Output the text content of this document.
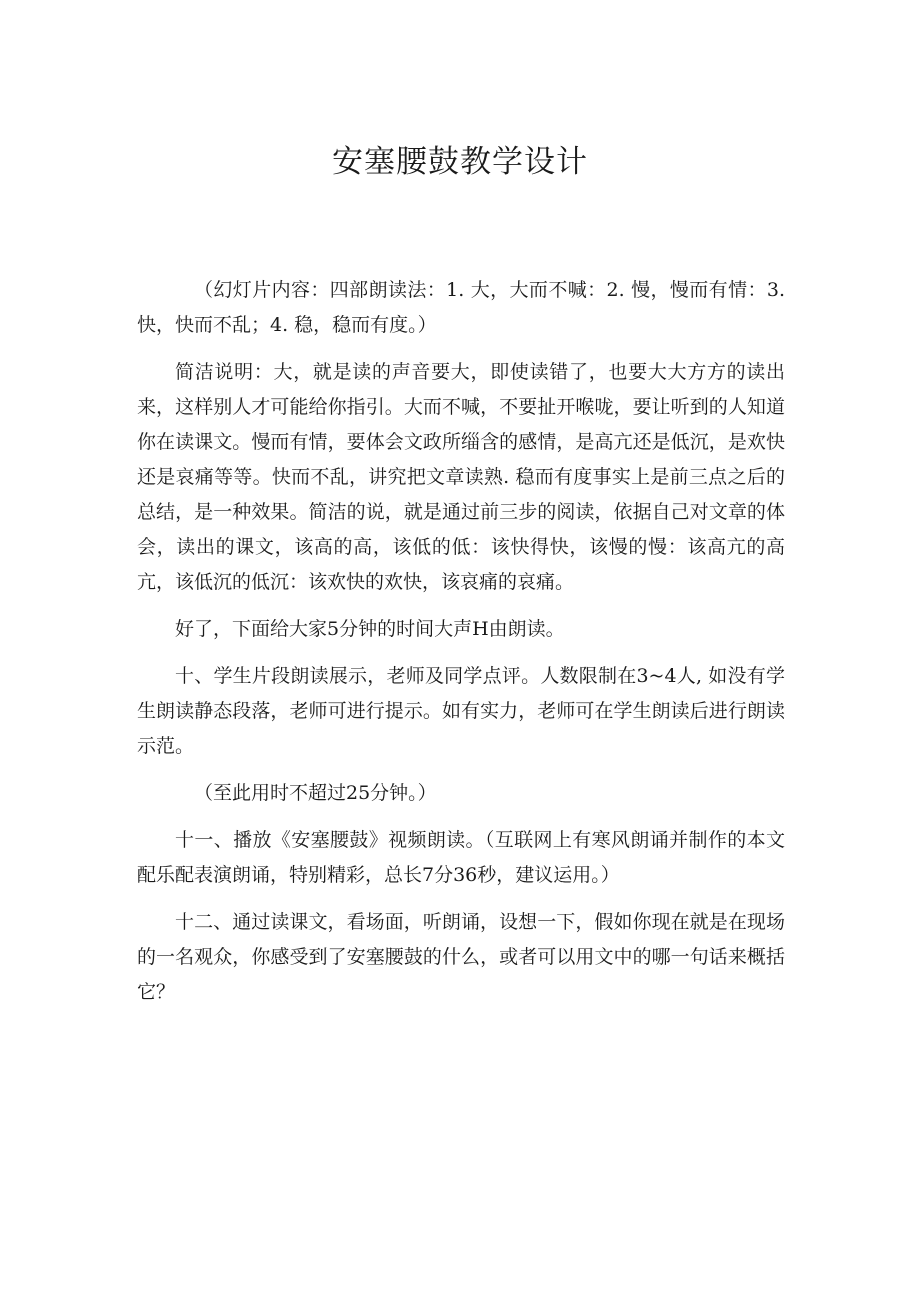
安塞腰鼓教学设计

（幻灯片内容：四部朗读法：1. 大，大而不喊：2. 慢，慢而有情：3. 快，快而不乱；4. 稳，稳而有度。）

简洁说明：大，就是读的声音要大，即使读错了，也要大大方方的读出来，这样别人才可能给你指引。大而不喊，不要扯开喉咙，要让听到的人知道你在读课文。慢而有情，要体会文政所缁含的感情，是高亢还是低沉，是欢快还是哀痛等等。快而不乱，讲究把文章读熟. 稳而有度事实上是前三点之后的总结，是一种效果。简洁的说，就是通过前三步的阅读，依据自己对文章的体会，读出的课文，该高的高，该低的低：该快得快，该慢的慢：该高亢的高亢，该低沉的低沉：该欢快的欢快，该哀痛的哀痛。

好了，下面给大家5分钟的时间大声H由朗读。

十、学生片段朗读展示，老师及同学点评。人数限制在3~4人, 如没有学生朗读静态段落，老师可进行提示。如有实力，老师可在学生朗读后进行朗读示范。

（至此用时不超过25分钟。）

十一、播放《安塞腰鼓》视频朗读。（互联网上有寒风朗诵并制作的本文配乐配表演朗诵，特别精彩，总长7分36秒，建议运用。）

十二、通过读课文，看场面，听朗诵，设想一下，假如你现在就是在现场的一名观众，你感受到了安塞腰鼓的什么，或者可以用文中的哪一句话来概括它？
